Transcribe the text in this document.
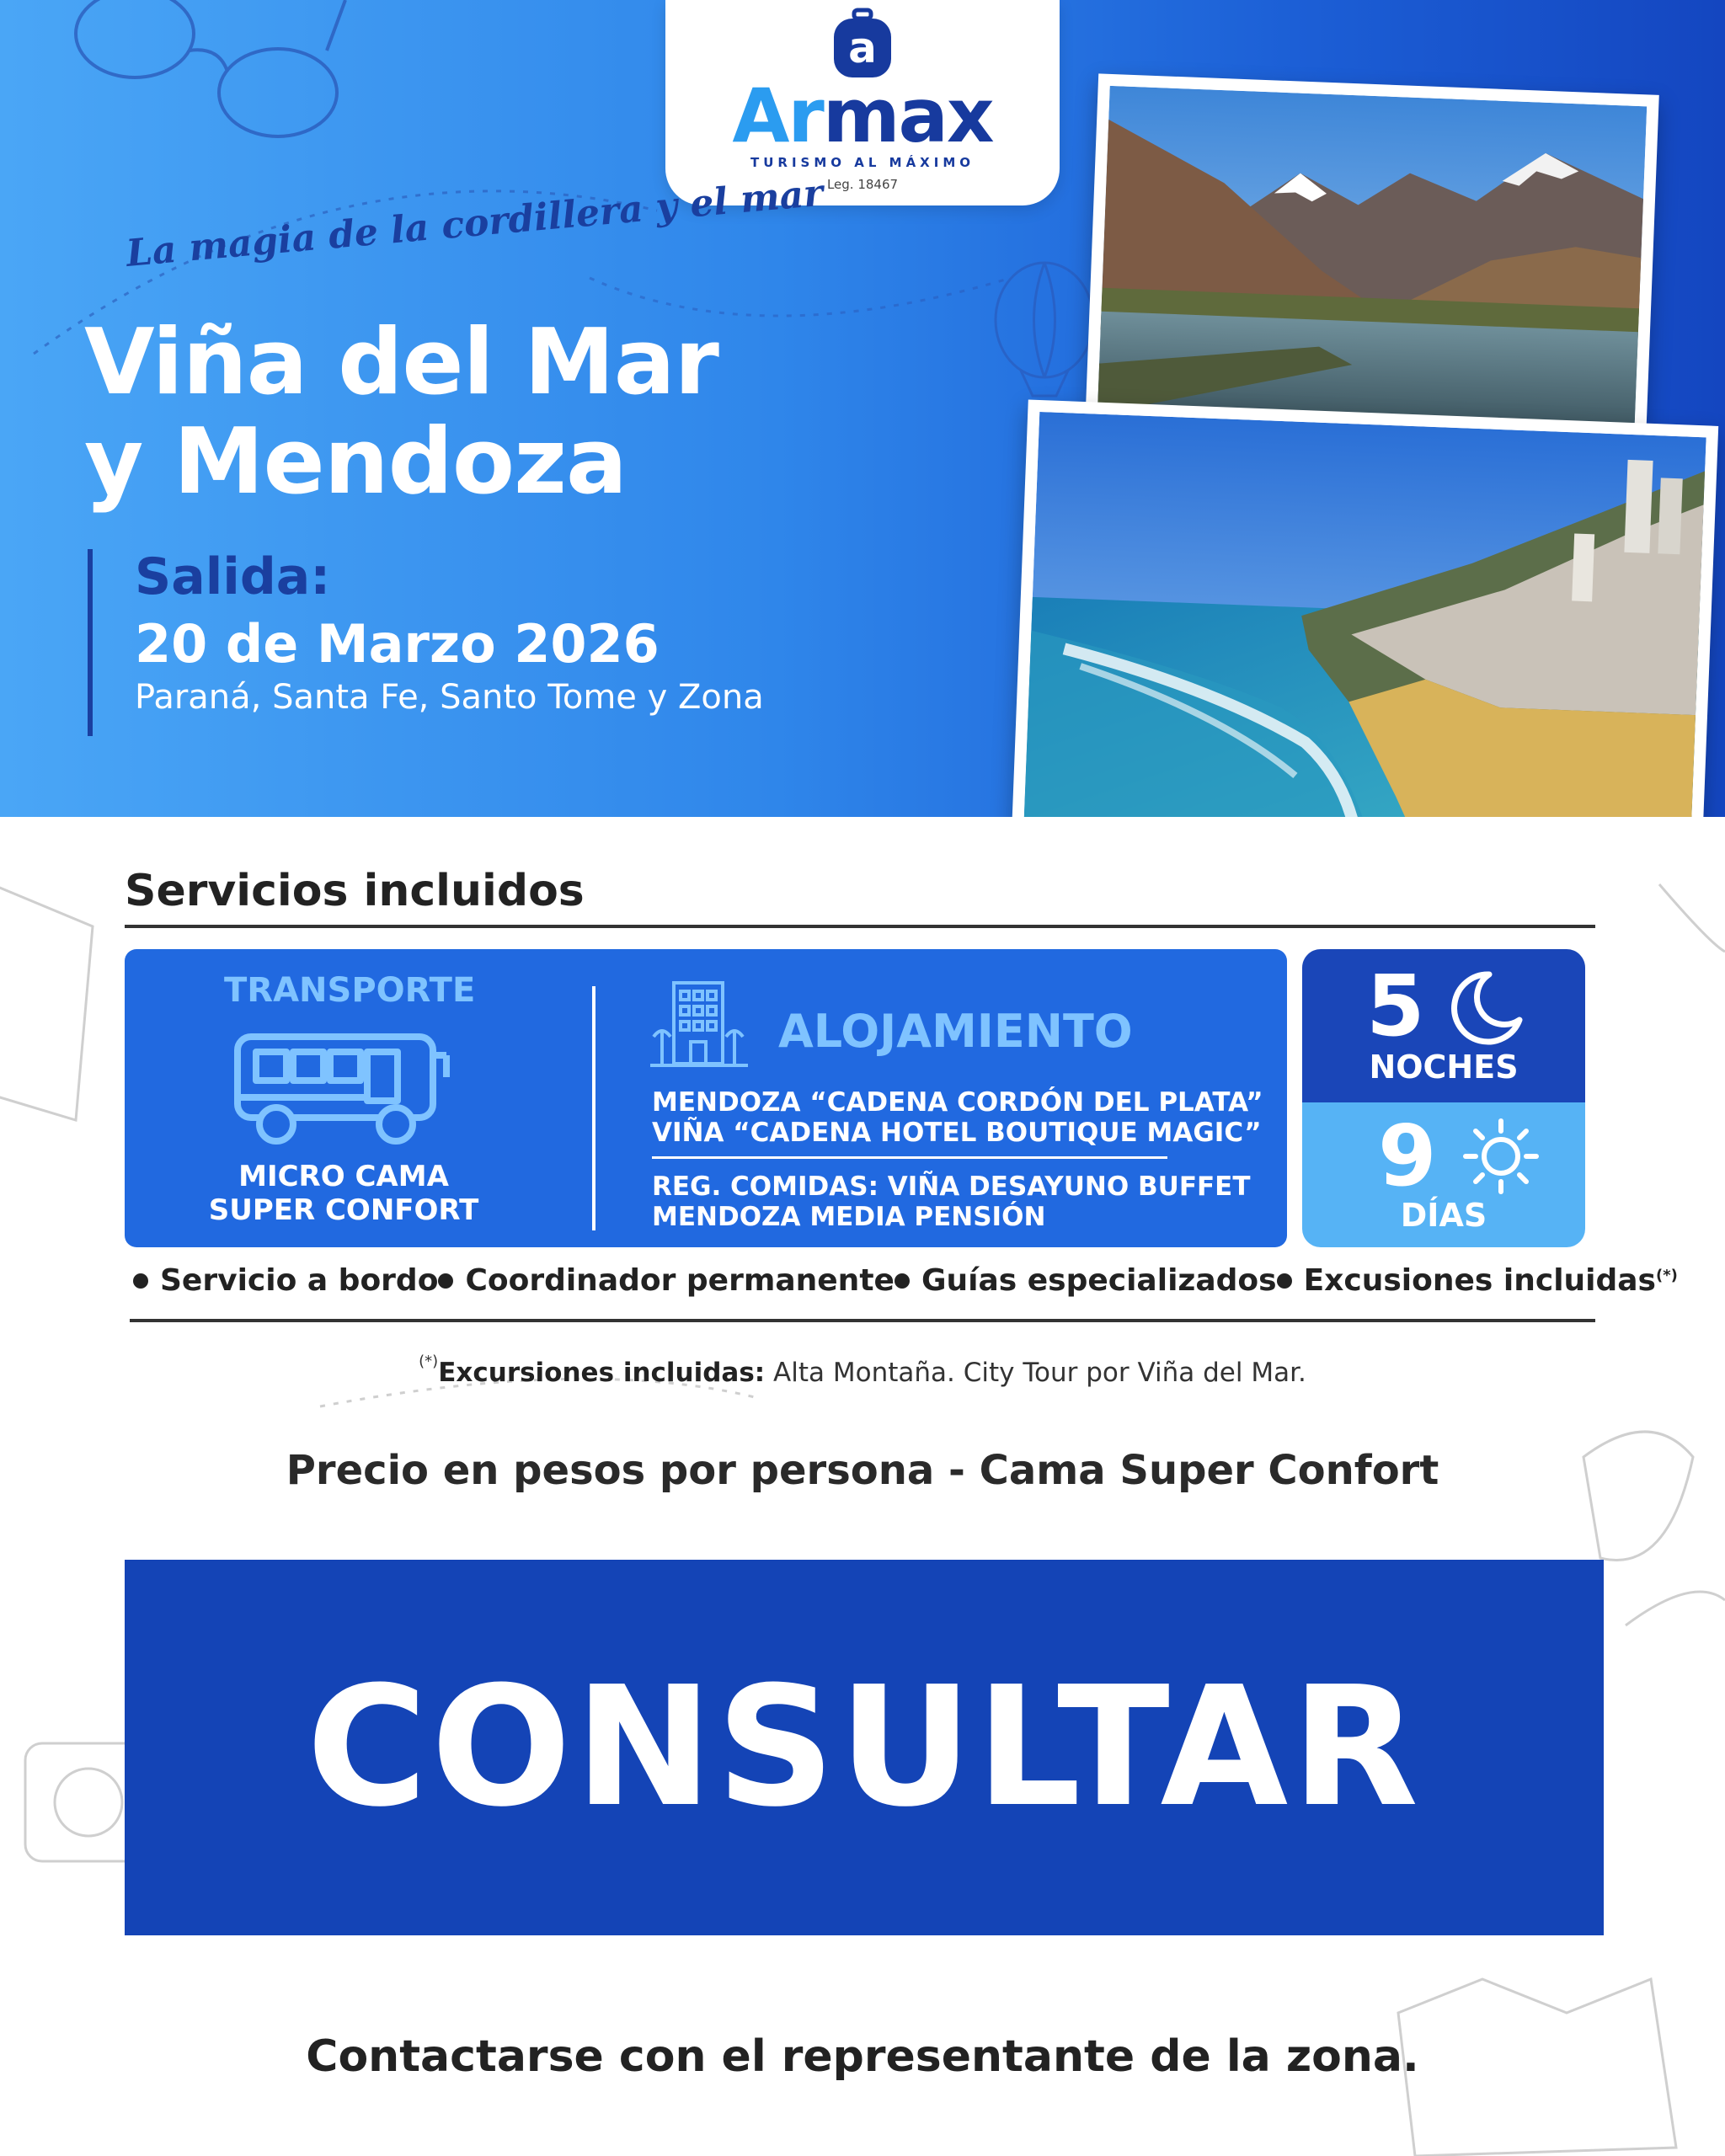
a
Armax
TURISMO AL MÁXIMO
Leg. 18467
La magia de la cordillera y el mar
Viña del Mar
y Mendoza
Salida:
20 de Marzo 2026
Paraná, Santa Fe, Santo Tome y Zona
Servicios incluidos
TRANSPORTE
MICRO CAMA
SUPER CONFORT
ALOJAMIENTO
MENDOZA “CADENA CORDÓN DEL PLATA”
VIÑA “CADENA HOTEL BOUTIQUE MAGIC”
REG. COMIDAS: VIÑA DESAYUNO BUFFET
MENDOZA MEDIA PENSIÓN
5
NOCHES
9
DÍAS
Servicio a bordo Coordinador permanente Guías especializados Excusiones incluidas (*)
(*)Excursiones incluidas: Alta Montaña. City Tour por Viña del Mar.
Precio en pesos por persona - Cama Super Confort
CONSULTAR
Contactarse con el representante de la zona.
